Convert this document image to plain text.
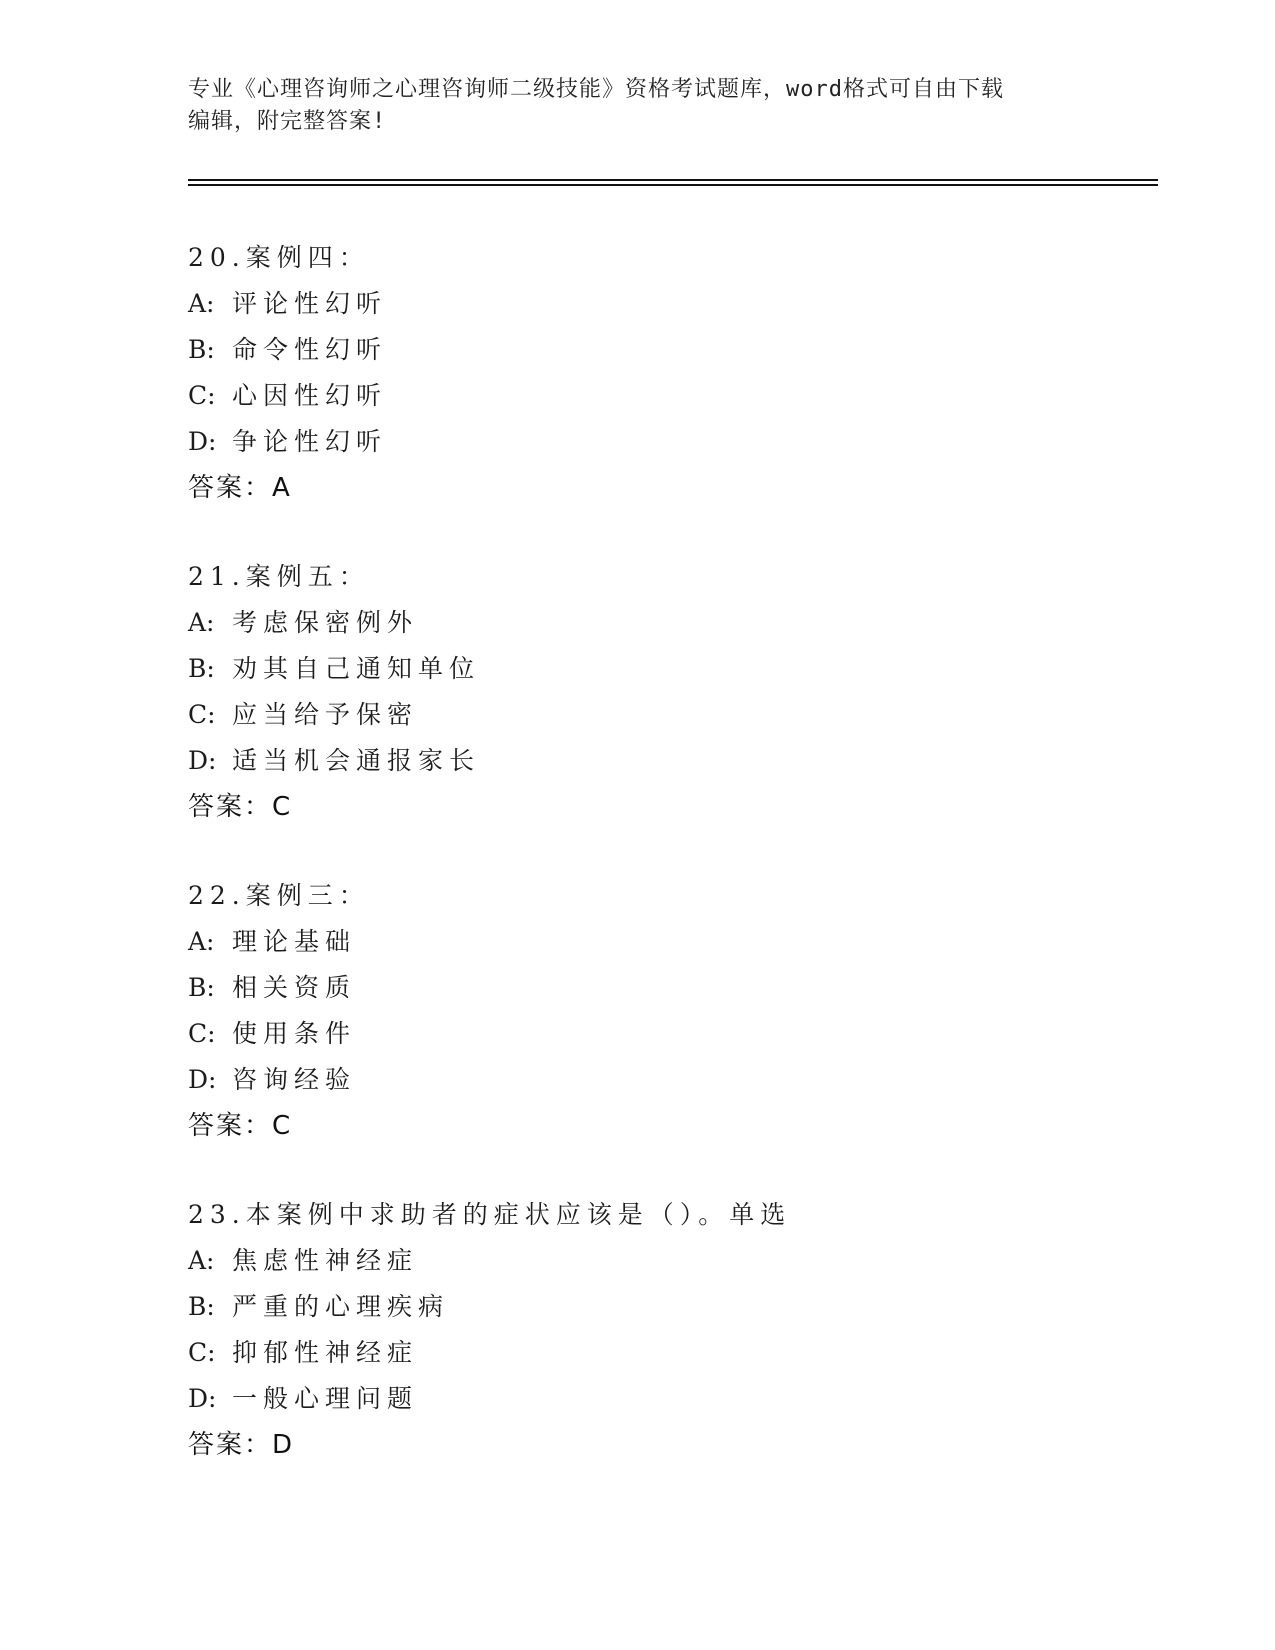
专业《心理咨询师之心理咨询师二级技能》资格考试题库，word格式可自由下载
编辑，附完整答案!
20.案例四：
A: 评论性幻听
B: 命令性幻听
C: 心因性幻听
D: 争论性幻听
答案：A
21.案例五：
A: 考虑保密例外
B: 劝其自己通知单位
C: 应当给予保密
D: 适当机会通报家长
答案：C
22.案例三：
A: 理论基础
B: 相关资质
C: 使用条件
D: 咨询经验
答案：C
23.本案例中求助者的症状应该是（）。单选
A: 焦虑性神经症
B: 严重的心理疾病
C: 抑郁性神经症
D: 一般心理问题
答案：D
